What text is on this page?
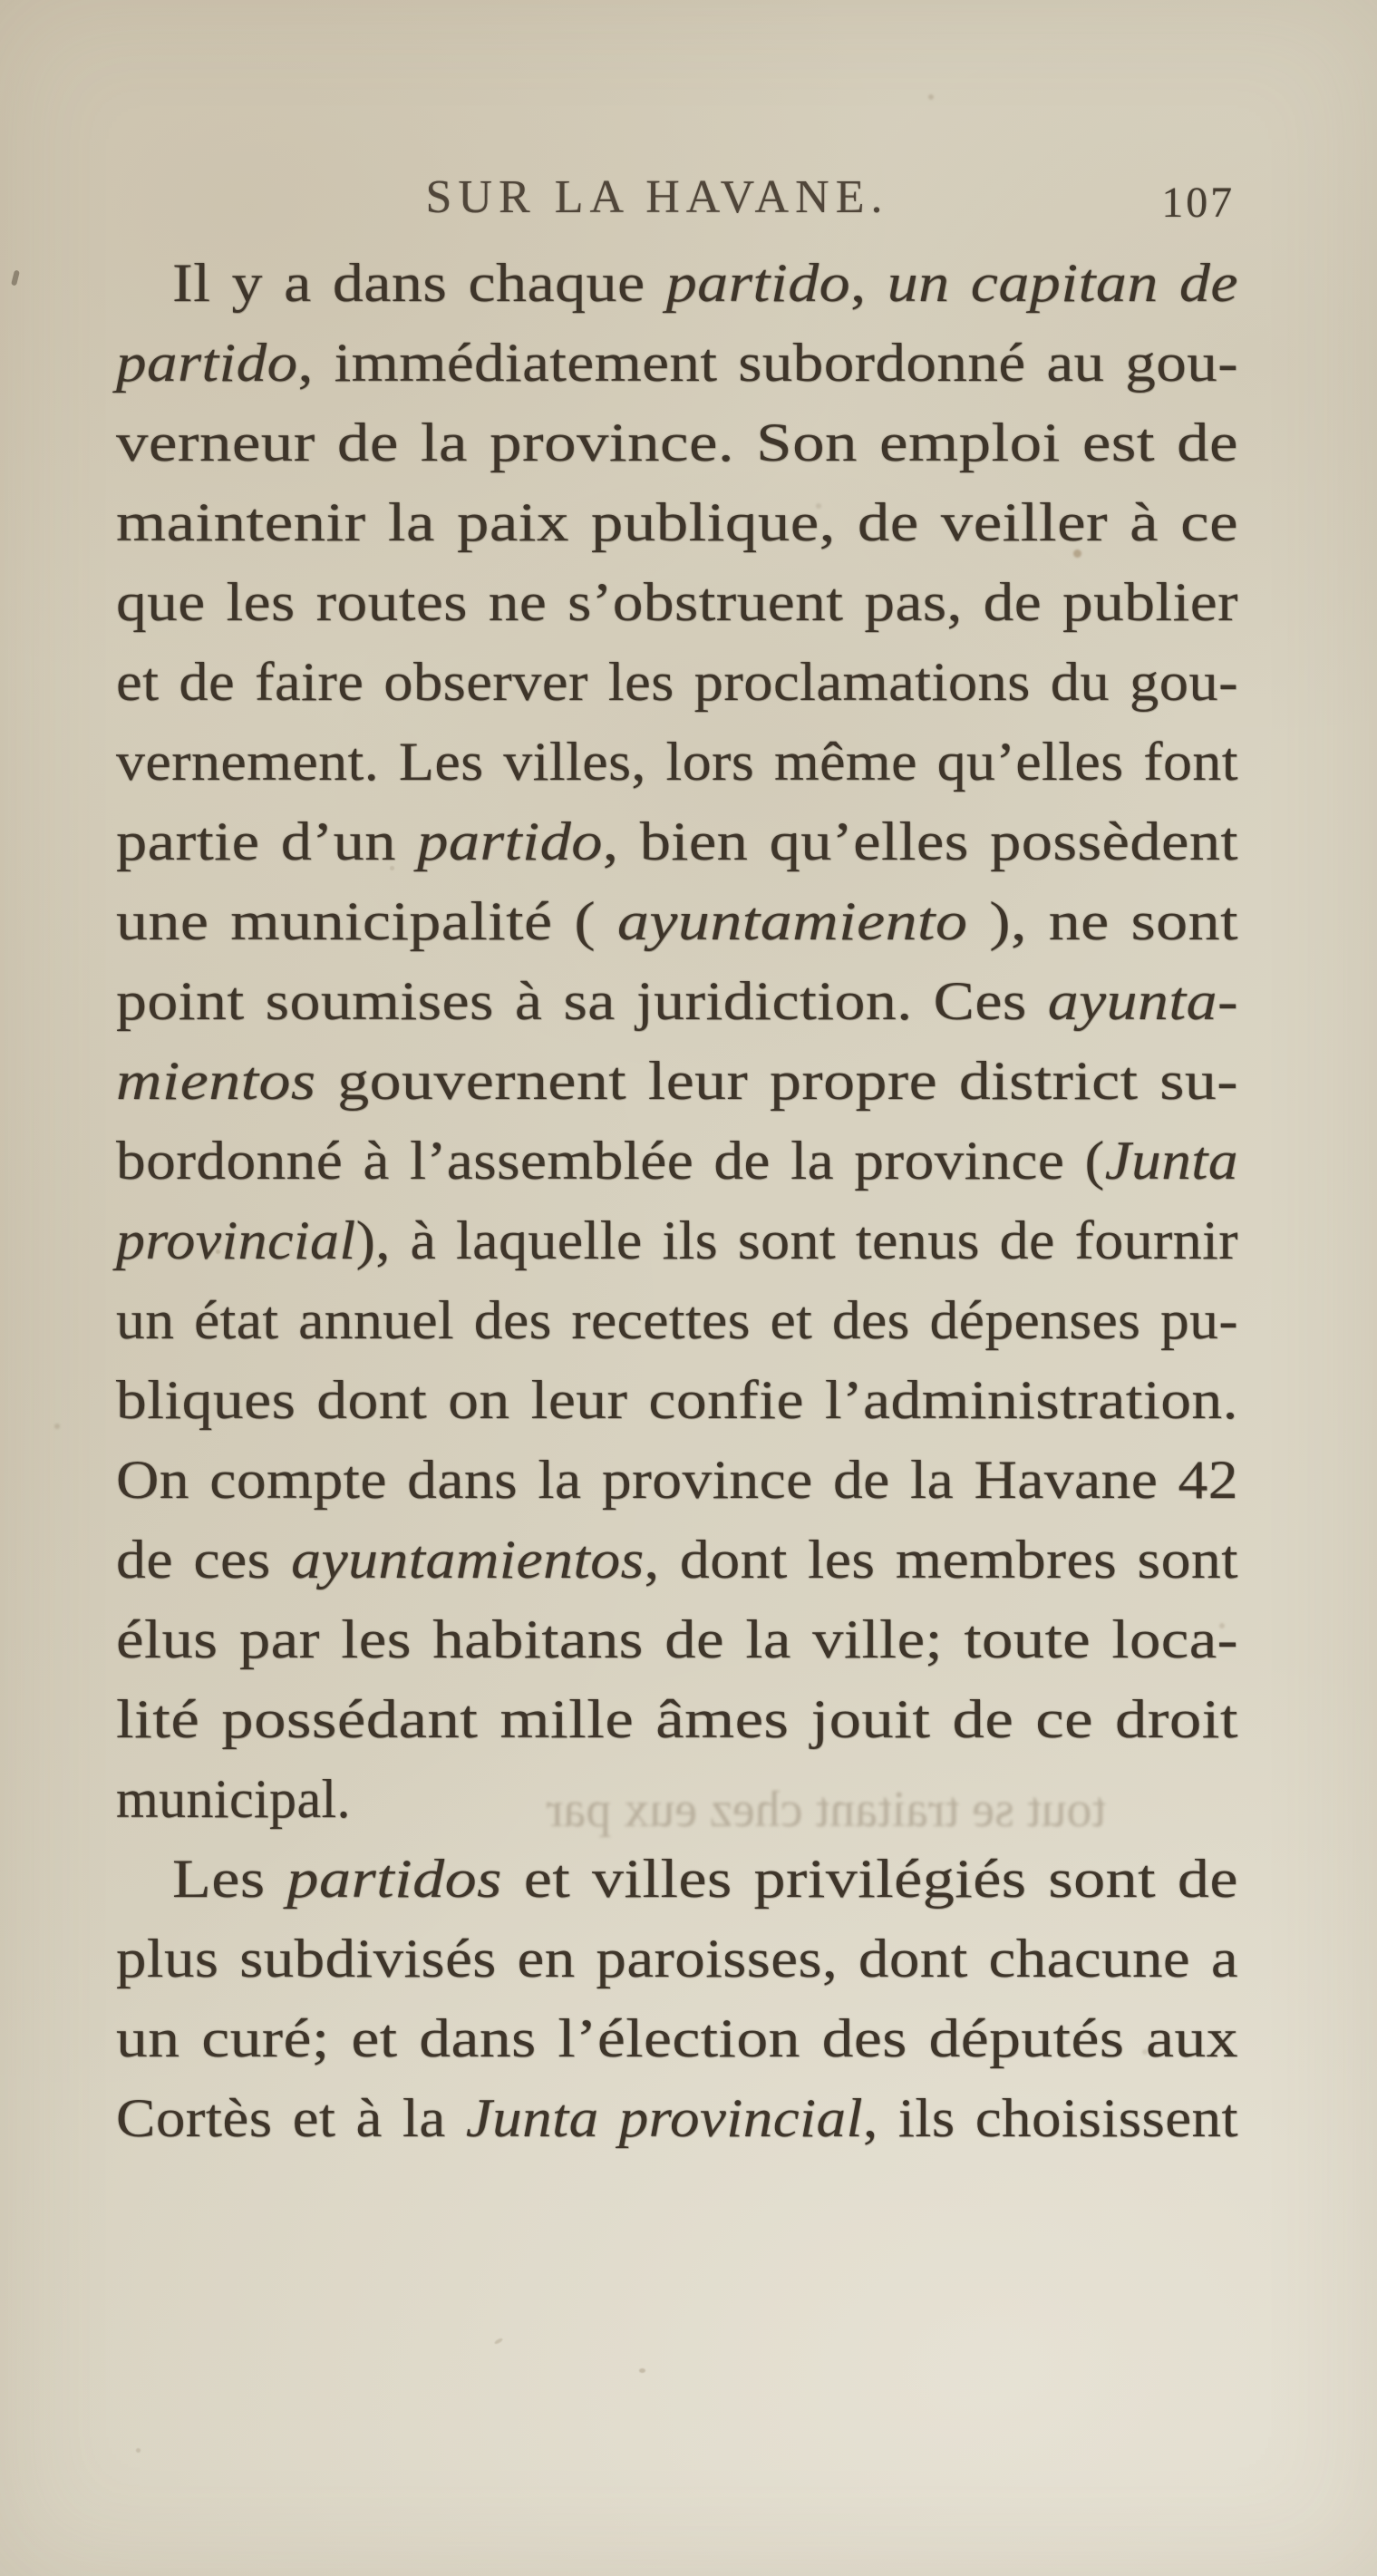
SUR LA HAVANE.	107
tout se traitant chez eux par
Il y a dans chaque partido, un capitan de
partido, immédiatement subordonné au gou-
verneur de la province. Son emploi est de
maintenir la paix publique, de veiller à ce
que les routes ne s’obstruent pas, de publier
et de faire observer les proclamations du gou-
vernement. Les villes, lors même qu’elles font
partie d’un partido, bien qu’elles possèdent
une municipalité ( ayuntamiento ), ne sont
point soumises à sa juridiction. Ces ayunta-
mientos gouvernent leur propre district su-
bordonné à l’assemblée de la province (Junta
provincial), à laquelle ils sont tenus de fournir
un état annuel des recettes et des dépenses pu-
bliques dont on leur confie l’administration.
On compte dans la province de la Havane 42
de ces ayuntamientos, dont les membres sont
élus par les habitans de la ville; toute loca-
lité possédant mille âmes jouit de ce droit
municipal.
Les partidos et villes privilégiés sont de
plus subdivisés en paroisses, dont chacune a
un curé; et dans l’élection des députés aux
Cortès et à la Junta provincial, ils choisissent
